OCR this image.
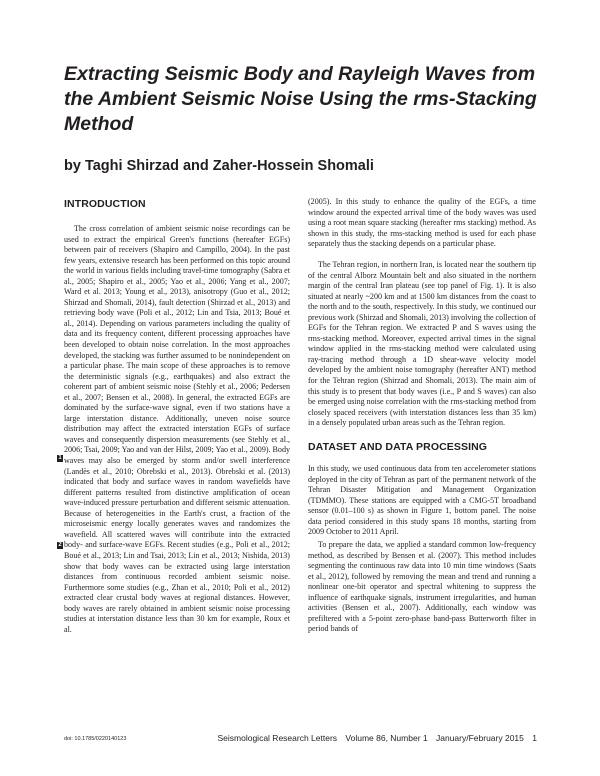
Extracting Seismic Body and Rayleigh Waves from the Ambient Seismic Noise Using the rms-Stacking Method

by Taghi Shirzad and Zaher-Hossein Shomali

INTRODUCTION

The cross correlation of ambient seismic noise recordings can be used to extract the empirical Green's functions (hereafter EGFs) between pair of receivers (Shapiro and Campillo, 2004). In the past few years, extensive research has been performed on this topic around the world in various fields including travel-time tomography (Sabra et al., 2005; Shapiro et al., 2005; Yao et al., 2006; Yang et al., 2007; Ward et al. 2013; Young et al., 2013), anisotropy (Guo et al., 2012; Shirzad and Shomali, 2014), fault detection (Shirzad et al., 2013) and retrieving body wave (Poli et al., 2012; Lin and Tsia, 2013; Boué et al., 2014). Depending on various parameters including the quality of data and its frequency content, different processing approaches have been developed to obtain noise correlation. In the most approaches developed, the stacking was further assumed to be nonindependent on a particular phase. The main scope of these approaches is to remove the deterministic signals (e.g., earthquakes) and also extract the coherent part of ambient seismic noise (Stehly et al., 2006; Pedersen et al., 2007; Bensen et al., 2008). In general, the extracted EGFs are dominated by the surface-wave signal, even if two stations have a large interstation distance. Additionally, uneven noise source distribution may affect the extracted interstation EGFs of surface waves and consequently dispersion measurements (see Stehly et al., 2006; Tsai, 2009; Yao and van der Hilst, 2009; Yao et al., 2009). Body waves may also be emerged by storm and/or swell interference (Landès et al., 2010; Obrebski et al., 2013). Obrebski et al. (2013) indicated that body and surface waves in random wavefields have different patterns resulted from distinctive amplification of ocean wave-induced pressure perturbation and different seismic attenuation. Because of heterogeneities in the Earth's crust, a fraction of the microseismic energy locally generates waves and randomizes the wavefield. All scattered waves will contribute into the extracted body- and surface-wave EGFs. Recent studies (e.g., Poli et al., 2012; Boué et al., 2013; Lin and Tsai, 2013; Lin et al., 2013; Nishida, 2013) show that body waves can be extracted using large interstation distances from continuous recorded ambient seismic noise. Furthermore some studies (e.g., Zhan et al., 2010; Poli et al., 2012) extracted clear crustal body waves at regional distances. However, body waves are rarely obtained in ambient seismic noise processing studies at interstation distance less than 30 km for example, Roux et al.

1
2

(2005). In this study to enhance the quality of the EGFs, a time window around the expected arrival time of the body waves was used using a root mean square stacking (hereafter rms stacking) method. As shown in this study, the rms-stacking method is used for each phase separately thus the stacking depends on a particular phase.

The Tehran region, in northern Iran, is located near the southern tip of the central Alborz Mountain belt and also situated in the northern margin of the central Iran plateau (see top panel of Fig. 1). It is also situated at nearly ~200 km and at 1500 km distances from the coast to the north and to the south, respectively. In this study, we continued our previous work (Shirzad and Shomali, 2013) involving the collection of EGFs for the Tehran region. We extracted P and S waves using the rms-stacking method. Moreover, expected arrival times in the signal window applied in the rms-stacking method were calculated using ray-tracing method through a 1D shear-wave velocity model developed by the ambient noise tomography (hereafter ANT) method for the Tehran region (Shirzad and Shomali, 2013). The main aim of this study is to present that body waves (i.e., P and S waves) can also be emerged using noise correlation with the rms-stacking method from closely spaced receivers (with interstation distances less than 35 km) in a densely populated urban areas such as the Tehran region.

DATASET AND DATA PROCESSING

In this study, we used continuous data from ten accelerometer stations deployed in the city of Tehran as part of the permanent network of the Tehran Disaster Mitigation and Management Organization (TDMMO). These stations are equipped with a CMG-5T broadband sensor (0.01–100 s) as shown in Figure 1, bottom panel. The noise data period considered in this study spans 18 months, starting from 2009 October to 2011 April.

To prepare the data, we applied a standard common low-frequency method, as described by Bensen et al. (2007). This method includes segmenting the continuous raw data into 10 min time windows (Saats et al., 2012), followed by removing the mean and trend and running a nonlinear one-bit operator and spectral whitening to suppress the influence of earthquake signals, instrument irregularities, and human activities (Bensen et al., 2007). Additionally, each window was prefiltered with a 5-point zero-phase band-pass Butterworth filter in period bands of

doi: 10.1785/0220140123	Seismological Research Letters Volume 86, Number 1 January/February 2015 1
